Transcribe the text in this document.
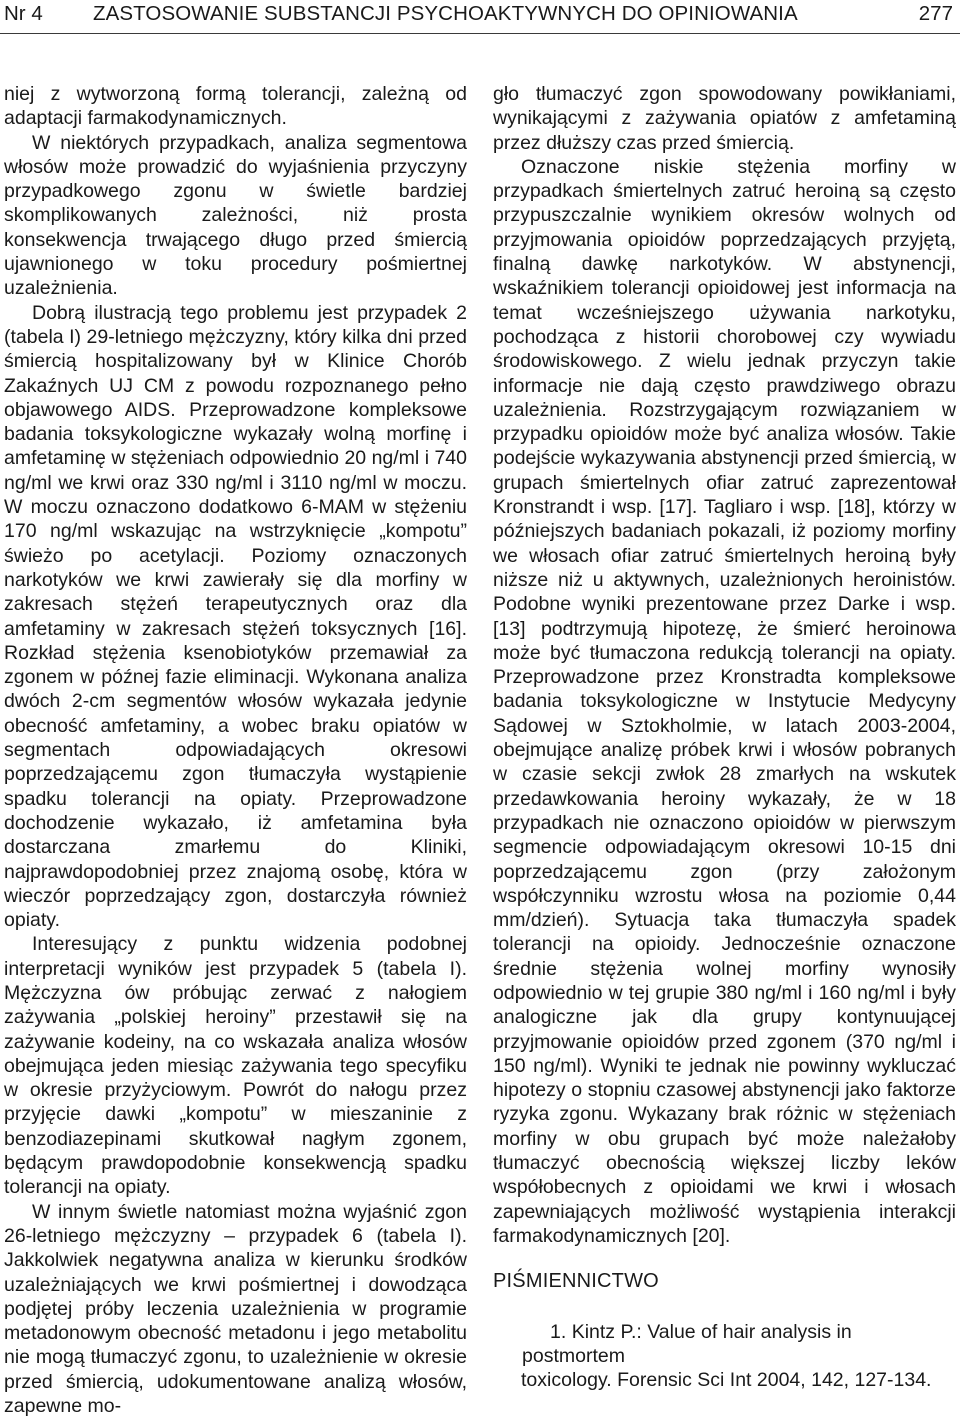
Nr 4 ZASTOSOWANIE SUBSTANCJI PSYCHOAKTYWNYCH DO OPINIOWANIA	277

niej z wytworzoną formą tolerancji, zależną od adaptacji farmakodynamicznych.

W niektórych przypadkach, analiza segmentowa włosów może prowadzić do wyjaśnienia przyczyny przypadkowego zgonu w świetle bardziej skomplikowanych zależności, niż prosta konsekwencja trwającego długo przed śmiercią ujawnionego w toku procedury pośmiertnej uzależnienia.

Dobrą ilustracją tego problemu jest przypadek 2 (tabela I) 29-letniego mężczyzny, który kilka dni przed śmiercią hospitalizowany był w Klinice Chorób Zakaźnych UJ CM z powodu rozpoznanego pełno objawowego AIDS. Przeprowadzone kompleksowe badania toksykologiczne wykazały wolną morfinę i amfetaminę w stężeniach odpowiednio 20 ng/ml i 740 ng/ml we krwi oraz 330 ng/ml i 3110 ng/ml w moczu. W moczu oznaczono dodatkowo 6-MAM w stężeniu 170 ng/ml wskazując na wstrzyknięcie „kompotu” świeżo po acetylacji. Poziomy oznaczonych narkotyków we krwi zawierały się dla morfiny w zakresach stężeń terapeutycznych oraz dla amfetaminy w zakresach stężeń toksycznych [16]. Rozkład stężenia ksenobiotyków przemawiał za zgonem w późnej fazie eliminacji. Wykonana analiza dwóch 2-cm segmentów włosów wykazała jedynie obecność amfetaminy, a wobec braku opiatów w segmentach odpowiadających okresowi poprzedzającemu zgon tłumaczyła wystąpienie spadku tolerancji na opiaty. Przeprowadzone dochodzenie wykazało, iż amfetamina była dostarczana zmarłemu do Kliniki, najprawdopodobniej przez znajomą osobę, która w wieczór poprzedzający zgon, dostarczyła również opiaty.

Interesujący z punktu widzenia podobnej interpretacji wyników jest przypadek 5 (tabela I). Mężczyzna ów próbując zerwać z nałogiem zażywania „polskiej heroiny” przestawił się na zażywanie kodeiny, na co wskazała analiza włosów obejmująca jeden miesiąc zażywania tego specyfiku w okresie przyżyciowym. Powrót do nałogu przez przyjęcie dawki „kompotu” w mieszaninie z benzodiazepinami skutkował nagłym zgonem, będącym prawdopodobnie konsekwencją spadku tolerancji na opiaty.

W innym świetle natomiast można wyjaśnić zgon 26-letniego mężczyzny – przypadek 6 (tabela I). Jakkolwiek negatywna analiza w kierunku środków uzależniających we krwi pośmiertnej i dowodząca podjętej próby leczenia uzależnienia w programie metadonowym obecność metadonu i jego metabolitu nie mogą tłumaczyć zgonu, to uzależnienie w okresie przed śmiercią, udokumentowane analizą włosów, zapewne mo-

gło tłumaczyć zgon spowodowany powikłaniami, wynikającymi z zażywania opiatów z amfetaminą przez dłuższy czas przed śmiercią.

Oznaczone niskie stężenia morfiny w przypadkach śmiertelnych zatruć heroiną są często przypuszczalnie wynikiem okresów wolnych od przyjmowania opioidów poprzedzających przyjętą, finalną dawkę narkotyków. W abstynencji, wskaźnikiem tolerancji opioidowej jest informacja na temat wcześniejszego używania narkotyku, pochodząca z historii chorobowej czy wywiadu środowiskowego. Z wielu jednak przyczyn takie informacje nie dają często prawdziwego obrazu uzależnienia. Rozstrzygającym rozwiązaniem w przypadku opioidów może być analiza włosów. Takie podejście wykazywania abstynencji przed śmiercią, w grupach śmiertelnych ofiar zatruć zaprezentował Kronstrandt i wsp. [17]. Tagliaro i wsp. [18], którzy w późniejszych badaniach pokazali, iż poziomy morfiny we włosach ofiar zatruć śmiertelnych heroiną były niższe niż u aktywnych, uzależnionych heroinistów. Podobne wyniki prezentowane przez Darke i wsp. [13] podtrzymują hipotezę, że śmierć heroinowa może być tłumaczona redukcją tolerancji na opiaty. Przeprowadzone przez Kronstradta kompleksowe badania toksykologiczne w Instytucie Medycyny Sądowej w Sztokholmie, w latach 2003-2004, obejmujące analizę próbek krwi i włosów pobranych w czasie sekcji zwłok 28 zmarłych na wskutek przedawkowania heroiny wykazały, że w 18 przypadkach nie oznaczono opioidów w pierwszym segmencie odpowiadającym okresowi 10-15 dni poprzedzającemu zgon (przy założonym współczynniku wzrostu włosa na poziomie 0,44 mm/dzień). Sytuacja taka tłumaczyła spadek tolerancji na opioidy. Jednocześnie oznaczone średnie stężenia wolnej morfiny wynosiły odpowiednio w tej grupie 380 ng/ml i 160 ng/ml i były analogiczne jak dla grupy kontynuującej przyjmowanie opioidów przed zgonem (370 ng/ml i 150 ng/ml). Wyniki te jednak nie powinny wykluczać hipotezy o stopniu czasowej abstynencji jako faktorze ryzyka zgonu. Wykazany brak różnic w stężeniach morfiny w obu grupach być może należałoby tłumaczyć obecnością większej liczby leków współobecnych z opioidami we krwi i włosach zapewniających możliwość wystąpienia interakcji farmakodynamicznych [20].

PIŚMIENNICTWO

1. Kintz P.: Value of hair analysis in postmortem

toxicology. Forensic Sci Int 2004, 142, 127-134.
